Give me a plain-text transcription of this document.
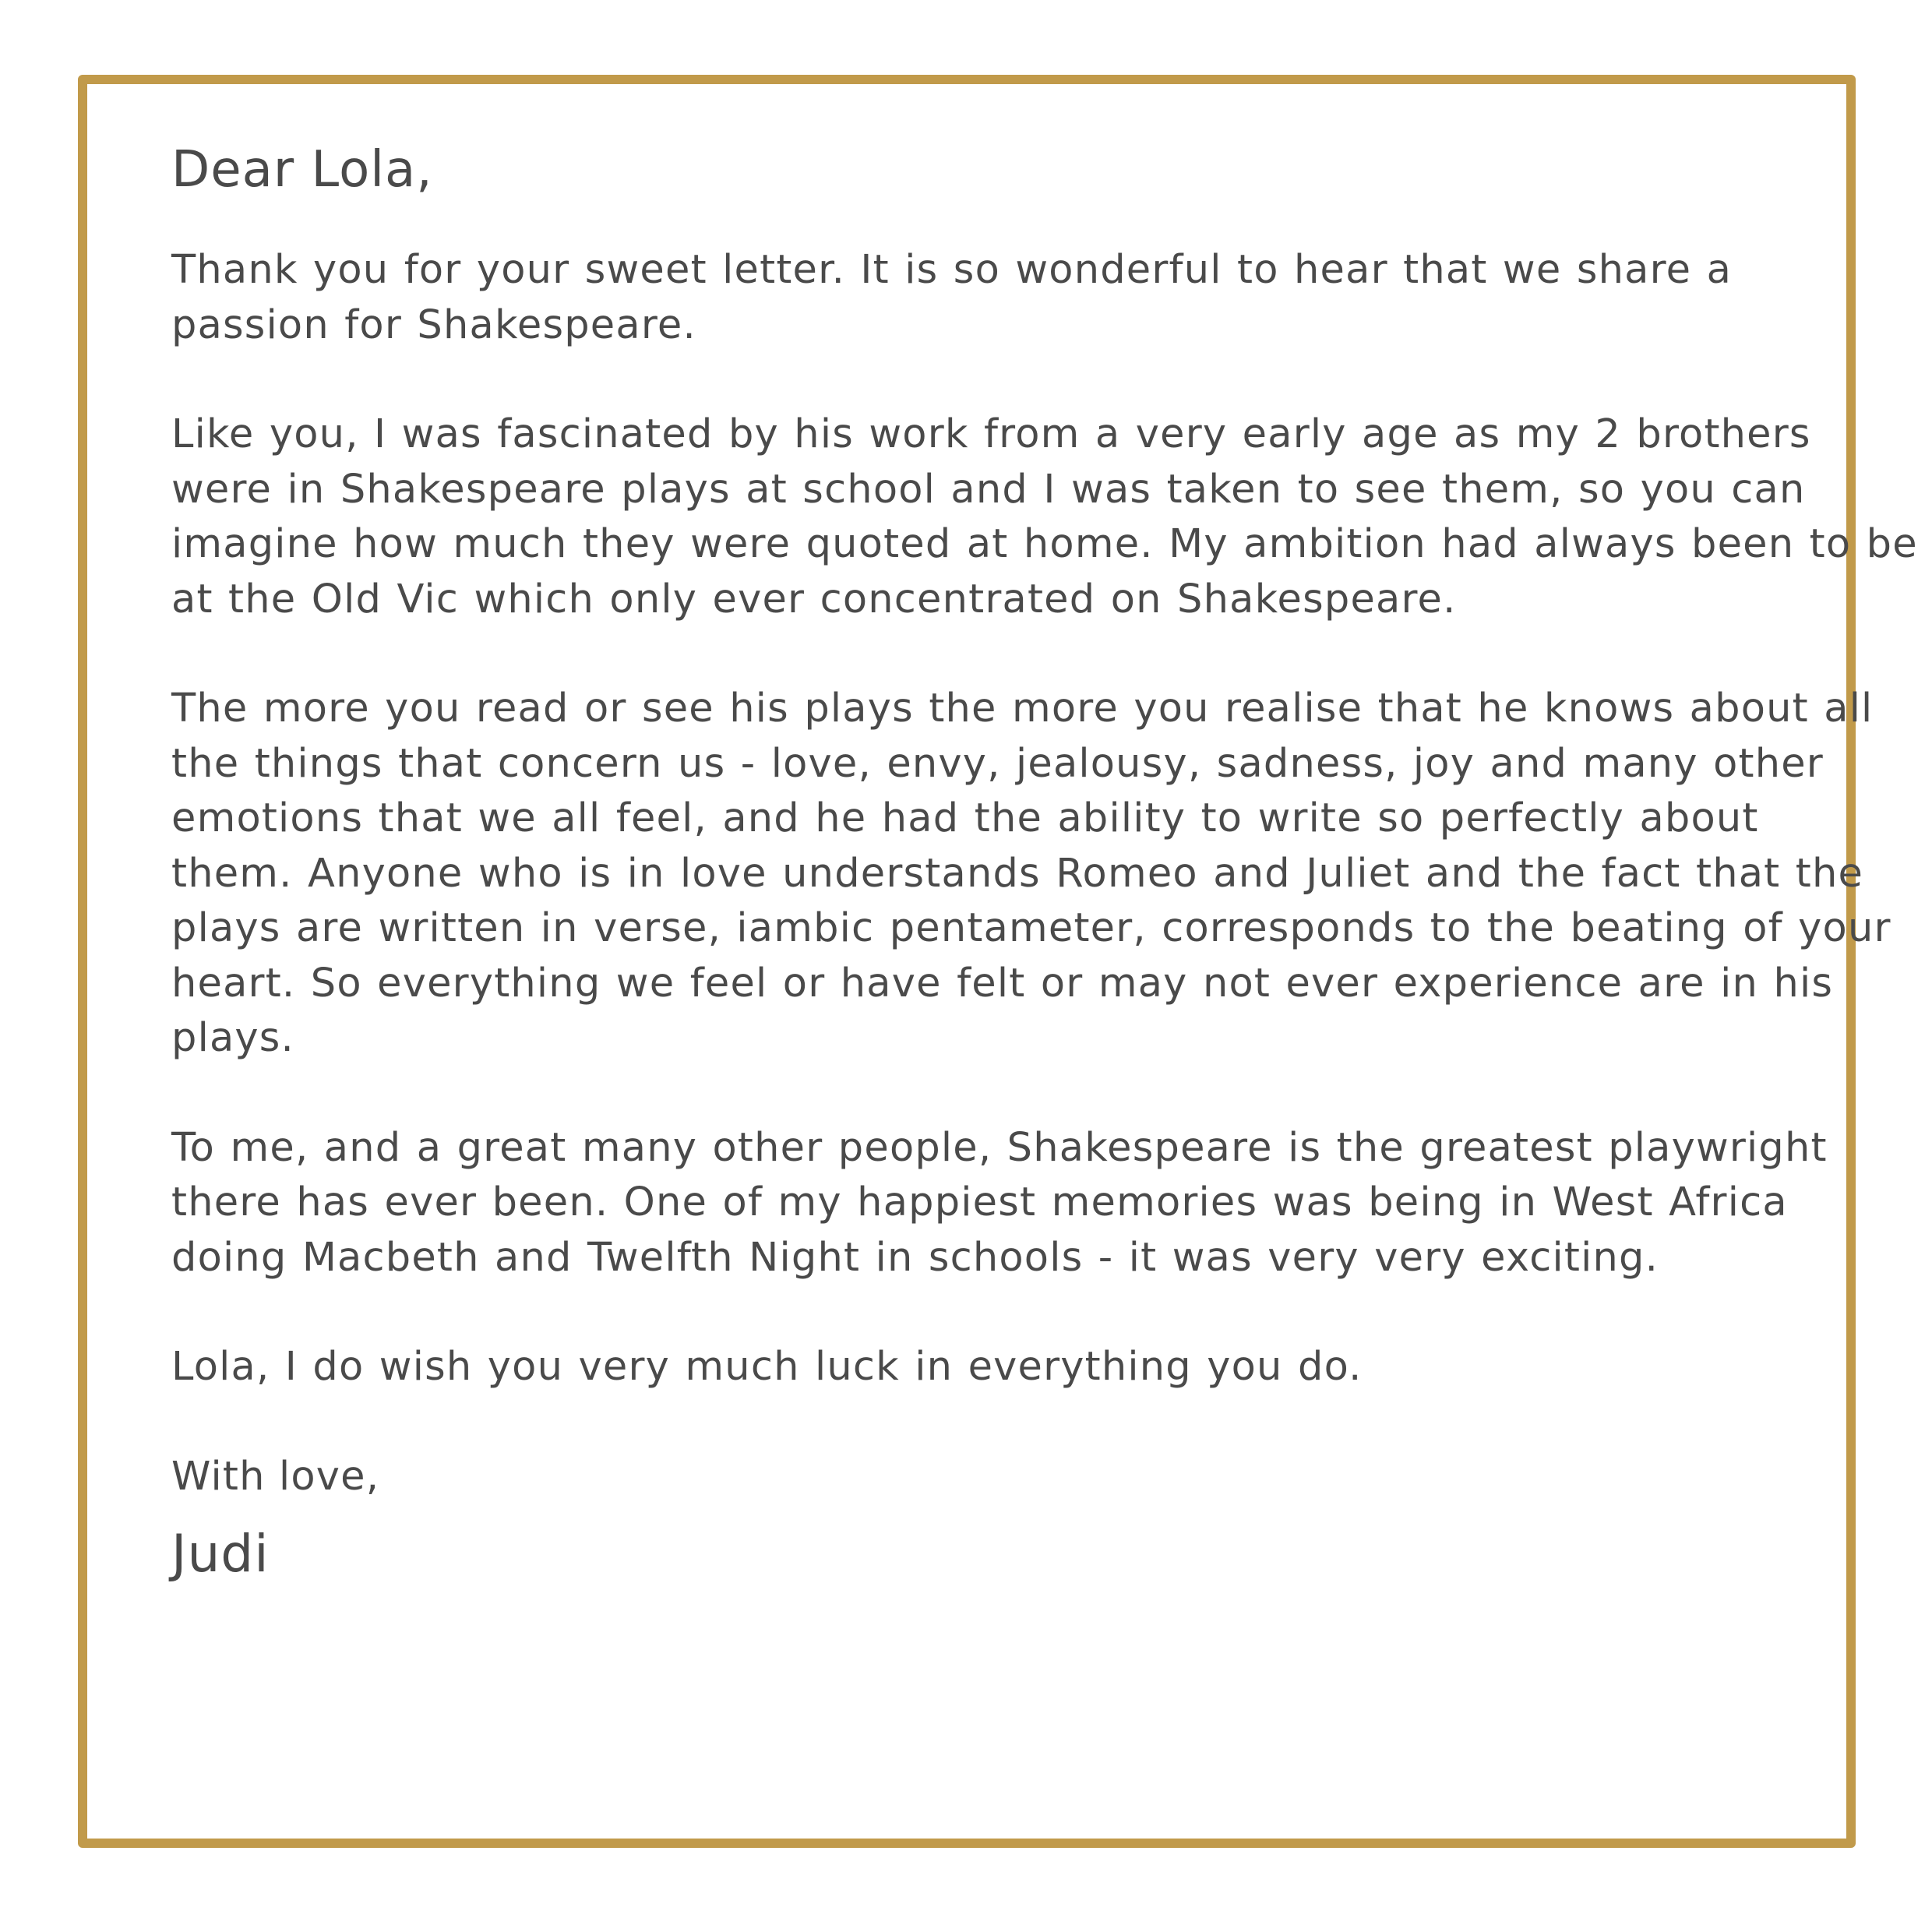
Dear Lola,

Thank you for your sweet letter. It is so wonderful to hear that we share a
passion for Shakespeare.

Like you, I was fascinated by his work from a very early age as my 2 brothers
were in Shakespeare plays at school and I was taken to see them, so you can
imagine how much they were quoted at home. My ambition had always been to be
at the Old Vic which only ever concentrated on Shakespeare.

The more you read or see his plays the more you realise that he knows about all
the things that concern us - love, envy, jealousy, sadness, joy and many other
emotions that we all feel, and he had the ability to write so perfectly about
them. Anyone who is in love understands Romeo and Juliet and the fact that the
plays are written in verse, iambic pentameter, corresponds to the beating of your
heart. So everything we feel or have felt or may not ever experience are in his
plays.

To me, and a great many other people, Shakespeare is the greatest playwright
there has ever been. One of my happiest memories was being in West Africa
doing Macbeth and Twelfth Night in schools - it was very very exciting.

Lola, I do wish you very much luck in everything you do.

With love,

Judi
